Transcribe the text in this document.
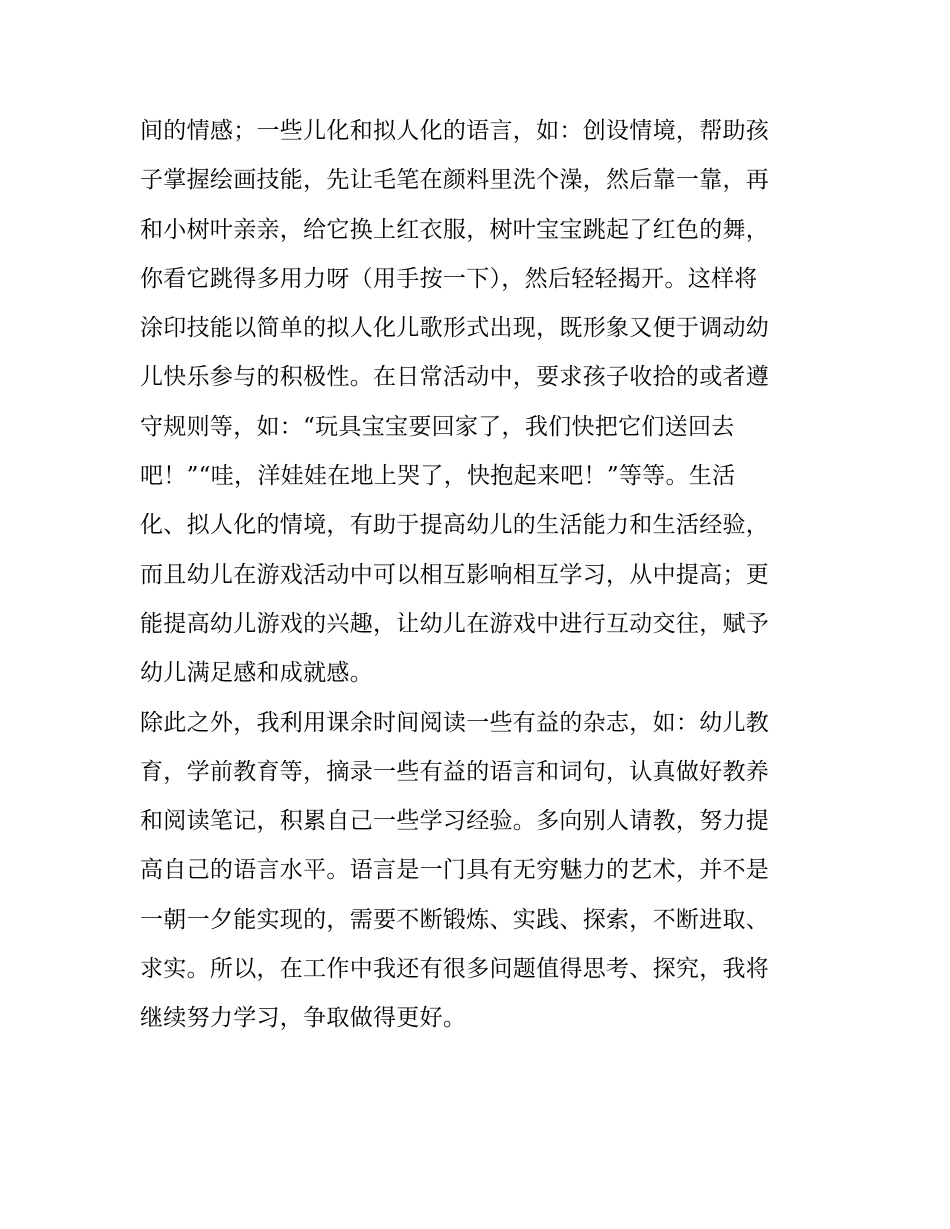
间的情感；一些儿化和拟人化的语言，如：创设情境，帮助孩
子掌握绘画技能，先让毛笔在颜料里洗个澡，然后靠一靠，再
和小树叶亲亲，给它换上红衣服，树叶宝宝跳起了红色的舞，
你看它跳得多用力呀（用手按一下），然后轻轻揭开。这样将
涂印技能以简单的拟人化儿歌形式出现，既形象又便于调动幼
儿快乐参与的积极性。在日常活动中，要求孩子收拾的或者遵
守规则等，如：“玩具宝宝要回家了，我们快把它们送回去
吧！”“哇，洋娃娃在地上哭了，快抱起来吧！”等等。生活
化、拟人化的情境，有助于提高幼儿的生活能力和生活经验，
而且幼儿在游戏活动中可以相互影响相互学习，从中提高；更
能提高幼儿游戏的兴趣，让幼儿在游戏中进行互动交往，赋予
幼儿满足感和成就感。
除此之外，我利用课余时间阅读一些有益的杂志，如：幼儿教
育，学前教育等，摘录一些有益的语言和词句，认真做好教养
和阅读笔记，积累自己一些学习经验。多向别人请教，努力提
高自己的语言水平。语言是一门具有无穷魅力的艺术，并不是
一朝一夕能实现的，需要不断锻炼、实践、探索，不断进取、
求实。所以，在工作中我还有很多问题值得思考、探究，我将
继续努力学习，争取做得更好。
